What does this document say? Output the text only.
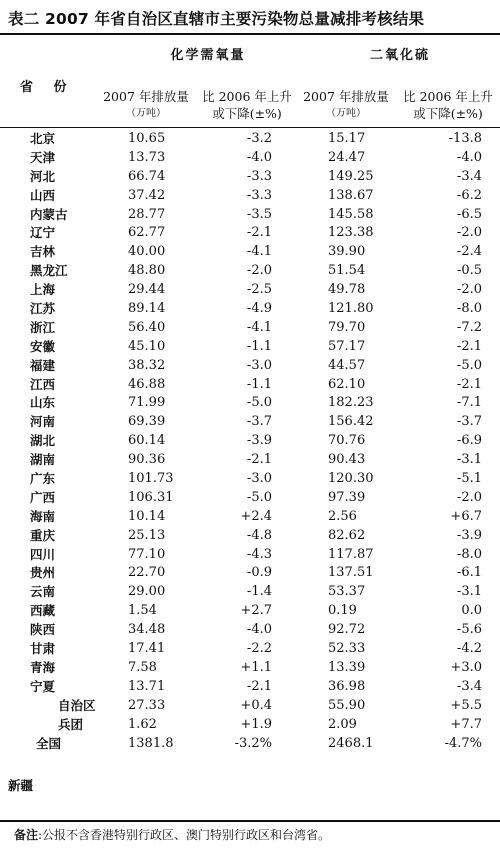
表二 2007 年省自治区直辖市主要污染物总量减排考核结果
化学需氧量	二氧化硫
省 份
2007 年排放量
（万吨）
比 2006 年上升
或下降(±%)
2007 年排放量
（万吨）
比 2006 年上升
或下降(±%)
北京	10.65	-3.2	15.17	-13.8
天津	13.73	-4.0	24.47	-4.0
河北	66.74	-3.3	149.25	-3.4
山西	37.42	-3.3	138.67	-6.2
内蒙古	28.77	-3.5	145.58	-6.5
辽宁	62.77	-2.1	123.38	-2.0
吉林	40.00	-4.1	39.90	-2.4
黑龙江	48.80	-2.0	51.54	-0.5
上海	29.44	-2.5	49.78	-2.0
江苏	89.14	-4.9	121.80	-8.0
浙江	56.40	-4.1	79.70	-7.2
安徽	45.10	-1.1	57.17	-2.1
福建	38.32	-3.0	44.57	-5.0
江西	46.88	-1.1	62.10	-2.1
山东	71.99	-5.0	182.23	-7.1
河南	69.39	-3.7	156.42	-3.7
湖北	60.14	-3.9	70.76	-6.9
湖南	90.36	-2.1	90.43	-3.1
广东	101.73	-3.0	120.30	-5.1
广西	106.31	-5.0	97.39	-2.0
海南	10.14	+2.4	2.56	+6.7
重庆	25.13	-4.8	82.62	-3.9
四川	77.10	-4.3	117.87	-8.0
贵州	22.70	-0.9	137.51	-6.1
云南	29.00	-1.4	53.37	-3.1
西藏	1.54	+2.7	0.19	0.0
陕西	34.48	-4.0	92.72	-5.6
甘肃	17.41	-2.2	52.33	-4.2
青海	7.58	+1.1	13.39	+3.0
宁夏	13.71	-2.1	36.98	-3.4
自治区	27.33	+0.4	55.90	+5.5
兵团	1.62	+1.9	2.09	+7.7
全国	1381.8	-3.2%	2468.1	-4.7%
新疆
备注:公报不含香港特别行政区、澳门特别行政区和台湾省。
